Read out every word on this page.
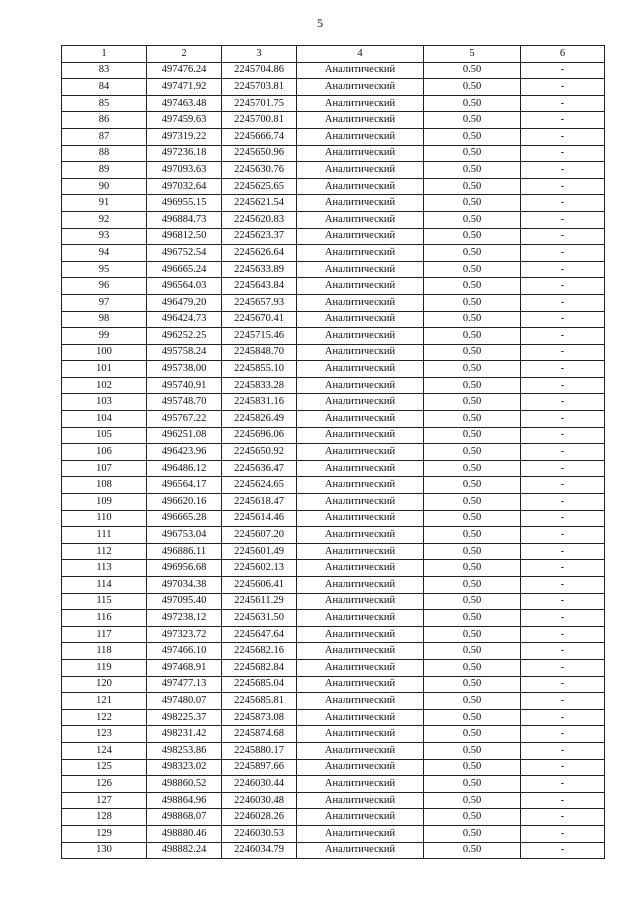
5
1	2	3	4	5	6
83	497476.24	2245704.86	Аналитический	0.50	-
84	497471.92	2245703.81	Аналитический	0.50	-
85	497463.48	2245701.75	Аналитический	0.50	-
86	497459.63	2245700.81	Аналитический	0.50	-
87	497319.22	2245666.74	Аналитический	0.50	-
88	497236.18	2245650.96	Аналитический	0.50	-
89	497093.63	2245630.76	Аналитический	0.50	-
90	497032.64	2245625.65	Аналитический	0.50	-
91	496955.15	2245621.54	Аналитический	0.50	-
92	496884.73	2245620.83	Аналитический	0.50	-
93	496812.50	2245623.37	Аналитический	0.50	-
94	496752.54	2245626.64	Аналитический	0.50	-
95	496665.24	2245633.89	Аналитический	0.50	-
96	496564.03	2245643.84	Аналитический	0.50	-
97	496479.20	2245657.93	Аналитический	0.50	-
98	496424.73	2245670.41	Аналитический	0.50	-
99	496252.25	2245715.46	Аналитический	0.50	-
100	495758.24	2245848.70	Аналитический	0.50	-
101	495738.00	2245855.10	Аналитический	0.50	-
102	495740.91	2245833.28	Аналитический	0.50	-
103	495748.70	2245831.16	Аналитический	0.50	-
104	495767.22	2245826.49	Аналитический	0.50	-
105	496251.08	2245696.06	Аналитический	0.50	-
106	496423.96	2245650.92	Аналитический	0.50	-
107	496486.12	2245636.47	Аналитический	0.50	-
108	496564.17	2245624.65	Аналитический	0.50	-
109	496620.16	2245618.47	Аналитический	0.50	-
110	496665.28	2245614.46	Аналитический	0.50	-
111	496753.04	2245607.20	Аналитический	0.50	-
112	496886.11	2245601.49	Аналитический	0.50	-
113	496956.68	2245602.13	Аналитический	0.50	-
114	497034.38	2245606.41	Аналитический	0.50	-
115	497095.40	2245611.29	Аналитический	0.50	-
116	497238.12	2245631.50	Аналитический	0.50	-
117	497323.72	2245647.64	Аналитический	0.50	-
118	497466.10	2245682.16	Аналитический	0.50	-
119	497468.91	2245682.84	Аналитический	0.50	-
120	497477.13	2245685.04	Аналитический	0.50	-
121	497480.07	2245685.81	Аналитический	0.50	-
122	498225.37	2245873.08	Аналитический	0.50	-
123	498231.42	2245874.68	Аналитический	0.50	-
124	498253.86	2245880.17	Аналитический	0.50	-
125	498323.02	2245897.66	Аналитический	0.50	-
126	498860.52	2246030.44	Аналитический	0.50	-
127	498864.96	2246030.48	Аналитический	0.50	-
128	498868.07	2246028.26	Аналитический	0.50	-
129	498880.46	2246030.53	Аналитический	0.50	-
130	498882.24	2246034.79	Аналитический	0.50	-
